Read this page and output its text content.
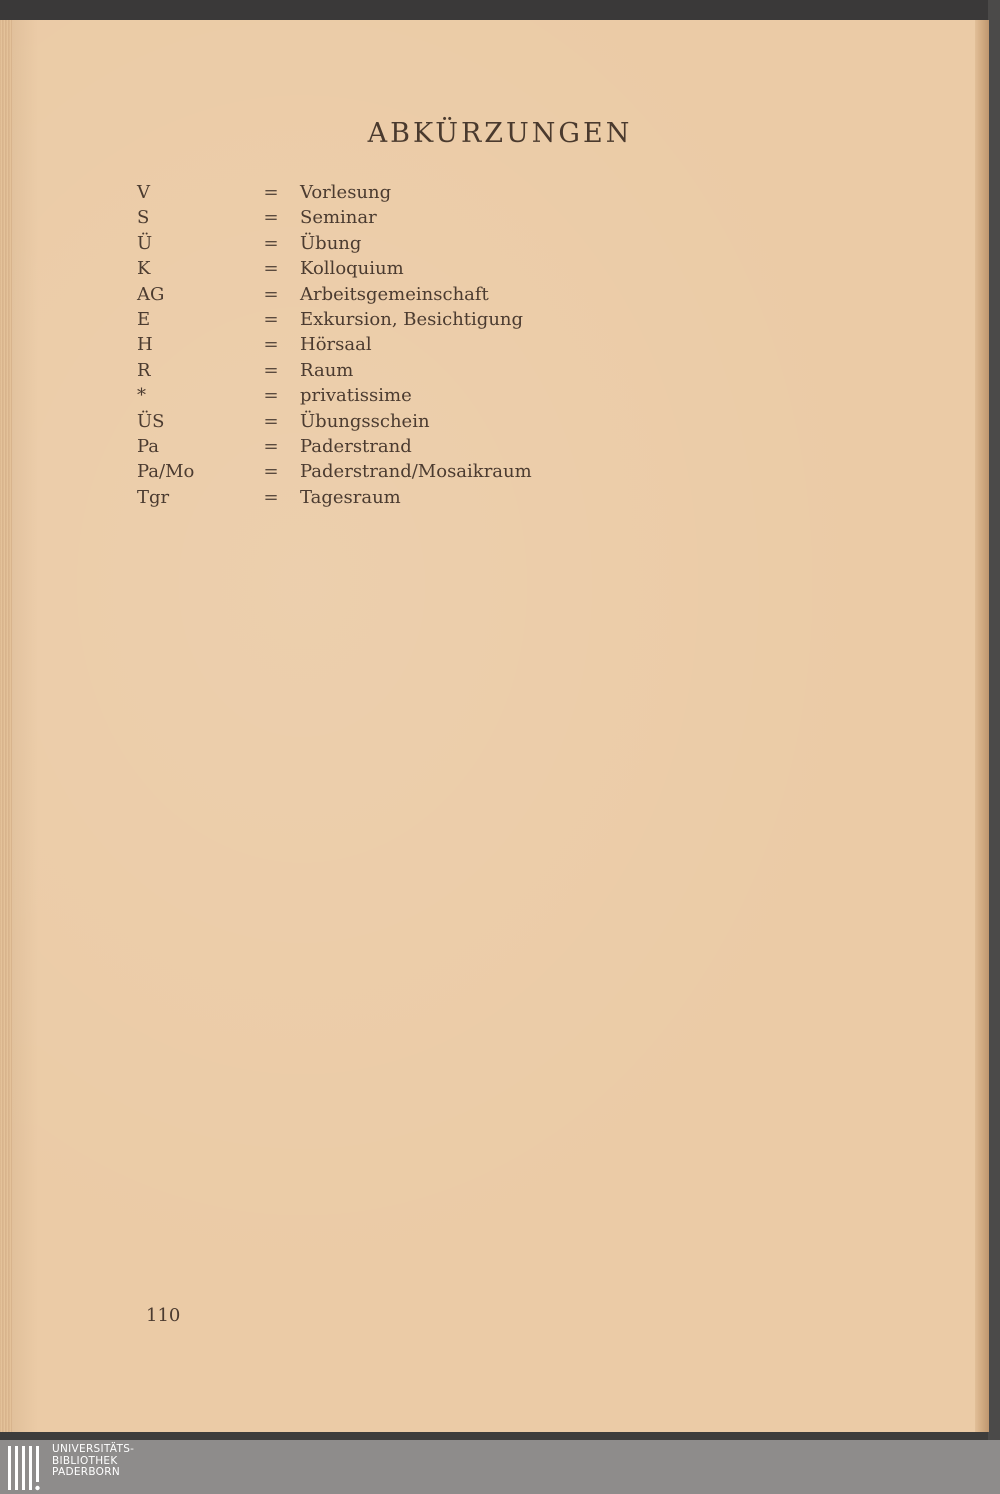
ABKÜRZUNGEN
V	= Vorlesung
S	= Seminar
Ü	= Übung
K	= Kolloquium
AG	= Arbeitsgemeinschaft
E	= Exkursion, Besichtigung
H	= Hörsaal
R	= Raum
*	= privatissime
ÜS	= Übungsschein
Pa	= Paderstrand
Pa/Mo	= Paderstrand/Mosaikraum
Tgr	= Tagesraum
110
UNIVERSITÄTS-
BIBLIOTHEK
PADERBORN
